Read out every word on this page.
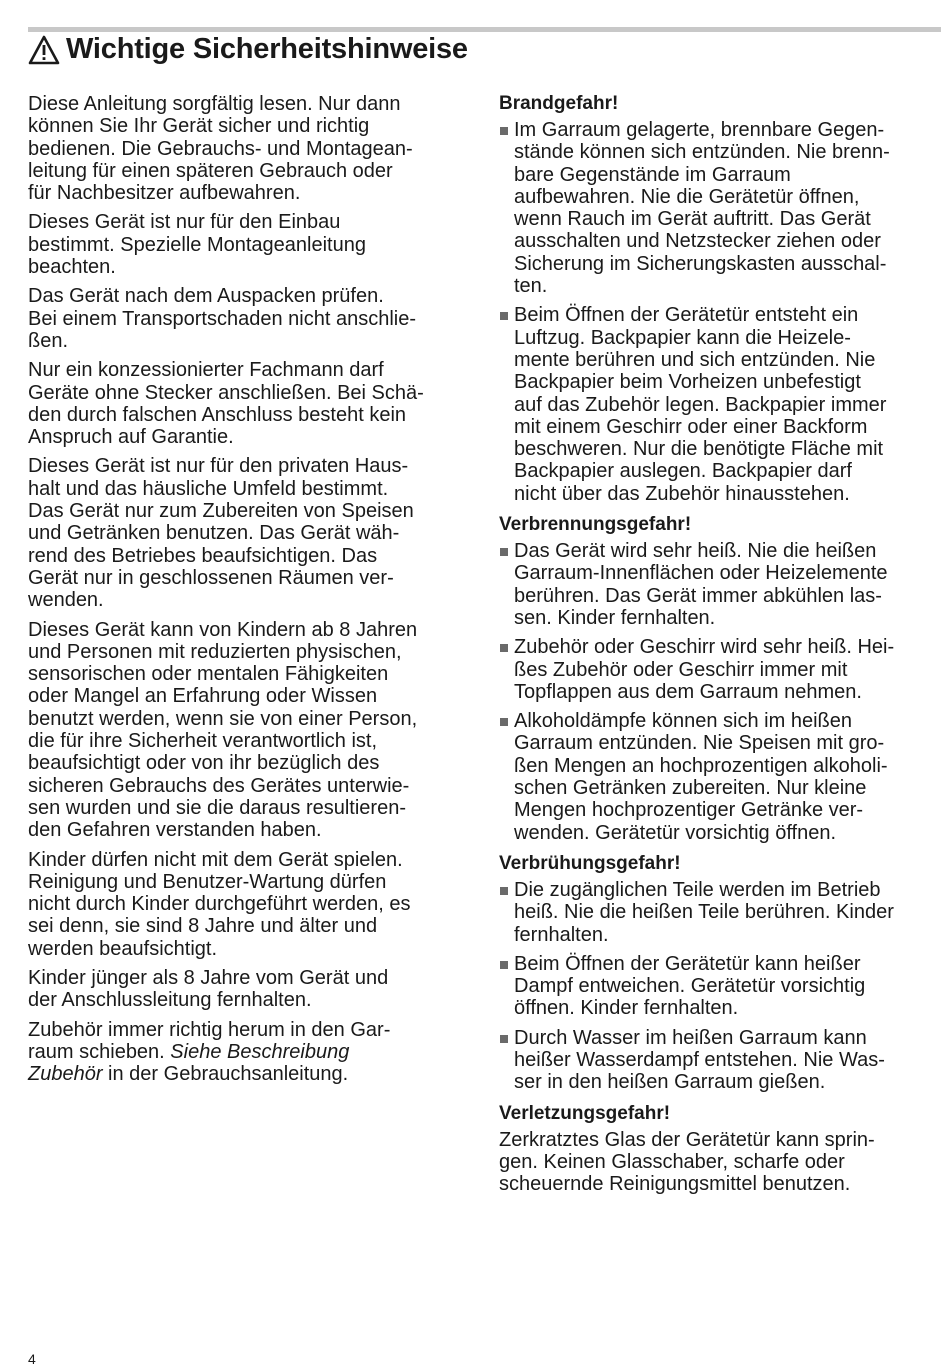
Wichtige Sicherheitshinweise
Diese Anleitung sorgfältig lesen. Nur dann
können Sie Ihr Gerät sicher und richtig
bedienen. Die Gebrauchs- und Montagean-
leitung für einen späteren Gebrauch oder
für Nachbesitzer aufbewahren.
Dieses Gerät ist nur für den Einbau
bestimmt. Spezielle Montageanleitung
beachten.
Das Gerät nach dem Auspacken prüfen.
Bei einem Transportschaden nicht anschlie-
ßen.
Nur ein konzessionierter Fachmann darf
Geräte ohne Stecker anschließen. Bei Schä-
den durch falschen Anschluss besteht kein
Anspruch auf Garantie.
Dieses Gerät ist nur für den privaten Haus-
halt und das häusliche Umfeld bestimmt.
Das Gerät nur zum Zubereiten von Speisen
und Getränken benutzen. Das Gerät wäh-
rend des Betriebes beaufsichtigen. Das
Gerät nur in geschlossenen Räumen ver-
wenden.
Dieses Gerät kann von Kindern ab 8 Jahren
und Personen mit reduzierten physischen,
sensorischen oder mentalen Fähigkeiten
oder Mangel an Erfahrung oder Wissen
benutzt werden, wenn sie von einer Person,
die für ihre Sicherheit verantwortlich ist,
beaufsichtigt oder von ihr bezüglich des
sicheren Gebrauchs des Gerätes unterwie-
sen wurden und sie die daraus resultieren-
den Gefahren verstanden haben.
Kinder dürfen nicht mit dem Gerät spielen.
Reinigung und Benutzer-Wartung dürfen
nicht durch Kinder durchgeführt werden, es
sei denn, sie sind 8 Jahre und älter und
werden beaufsichtigt.
Kinder jünger als 8 Jahre vom Gerät und
der Anschlussleitung fernhalten.
Zubehör immer richtig herum in den Gar-
raum schieben. Siehe Beschreibung
Zubehör in der Gebrauchsanleitung.
Brandgefahr!
Im Garraum gelagerte, brennbare Gegen-
stände können sich entzünden. Nie brenn-
bare Gegenstände im Garraum
aufbewahren. Nie die Gerätetür öffnen,
wenn Rauch im Gerät auftritt. Das Gerät
ausschalten und Netzstecker ziehen oder
Sicherung im Sicherungskasten ausschal-
ten.
Beim Öffnen der Gerätetür entsteht ein
Luftzug. Backpapier kann die Heizele-
mente berühren und sich entzünden. Nie
Backpapier beim Vorheizen unbefestigt
auf das Zubehör legen. Backpapier immer
mit einem Geschirr oder einer Backform
beschweren. Nur die benötigte Fläche mit
Backpapier auslegen. Backpapier darf
nicht über das Zubehör hinausstehen.
Verbrennungsgefahr!
Das Gerät wird sehr heiß. Nie die heißen
Garraum-Innenflächen oder Heizelemente
berühren. Das Gerät immer abkühlen las-
sen. Kinder fernhalten.
Zubehör oder Geschirr wird sehr heiß. Hei-
ßes Zubehör oder Geschirr immer mit
Topflappen aus dem Garraum nehmen.
Alkoholdämpfe können sich im heißen
Garraum entzünden. Nie Speisen mit gro-
ßen Mengen an hochprozentigen alkoholi-
schen Getränken zubereiten. Nur kleine
Mengen hochprozentiger Getränke ver-
wenden. Gerätetür vorsichtig öffnen.
Verbrühungsgefahr!
Die zugänglichen Teile werden im Betrieb
heiß. Nie die heißen Teile berühren. Kinder
fernhalten.
Beim Öffnen der Gerätetür kann heißer
Dampf entweichen. Gerätetür vorsichtig
öffnen. Kinder fernhalten.
Durch Wasser im heißen Garraum kann
heißer Wasserdampf entstehen. Nie Was-
ser in den heißen Garraum gießen.
Verletzungsgefahr!
Zerkratztes Glas der Gerätetür kann sprin-
gen. Keinen Glasschaber, scharfe oder
scheuernde Reinigungsmittel benutzen.
4
